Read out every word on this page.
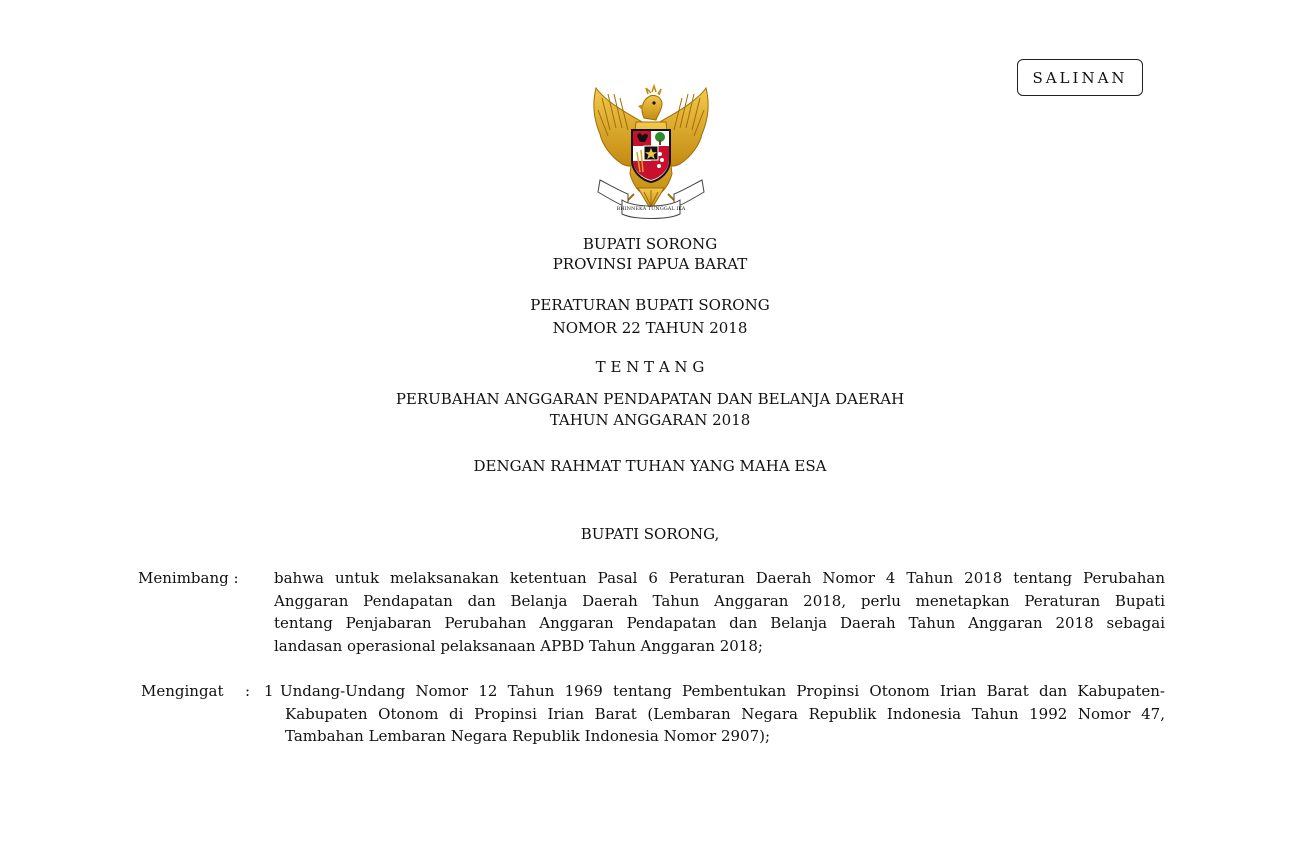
SALINAN
BHINNEKA TUNGGAL IKA
BUPATI SORONG
PROVINSI PAPUA BARAT
PERATURAN BUPATI SORONG
NOMOR 22 TAHUN 2018
T E N T A N G
PERUBAHAN ANGGARAN PENDAPATAN DAN BELANJA DAERAH
TAHUN ANGGARAN 2018
DENGAN RAHMAT TUHAN YANG MAHA ESA
BUPATI SORONG,
Menimbang : bahwa untuk melaksanakan ketentuan Pasal 6 Peraturan Daerah Nomor 4 Tahun 2018 tentang Perubahan
Anggaran Pendapatan dan Belanja Daerah Tahun Anggaran 2018, perlu menetapkan Peraturan Bupati
tentang Penjabaran Perubahan Anggaran Pendapatan dan Belanja Daerah Tahun Anggaran 2018 sebagai
landasan operasional pelaksanaan APBD Tahun Anggaran 2018;
Mengingat : 1 Undang-Undang Nomor 12 Tahun 1969 tentang Pembentukan Propinsi Otonom Irian Barat dan Kabupaten-
Kabupaten Otonom di Propinsi Irian Barat (Lembaran Negara Republik Indonesia Tahun 1992 Nomor 47,
Tambahan Lembaran Negara Republik Indonesia Nomor 2907);
